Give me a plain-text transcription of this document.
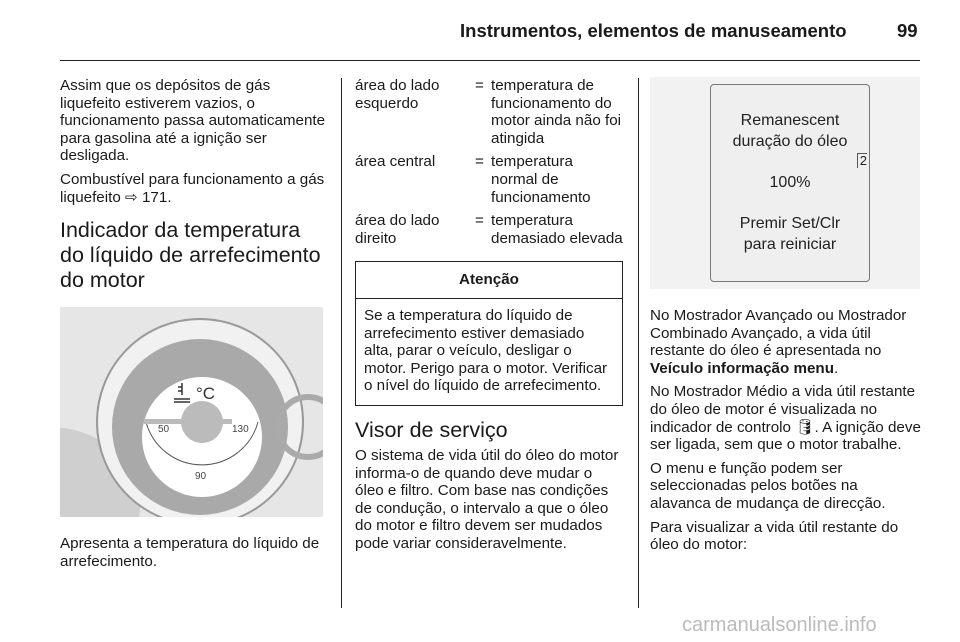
Instrumentos, elementos de manuseamento	99

Assim que os depósitos de gás liquefeito estiverem vazios, o funcionamento passa automaticamente para gasolina até a ignição ser desligada.

Combustível para funcionamento a gás liquefeito ⇨ 171.

Indicador da temperatura do líquido de arrefecimento do motor
°C
50
90
130

Apresenta a temperatura do líquido de arrefecimento.

área do lado esquerdo	=	temperatura de funcionamento do motor ainda não foi atingida
área central	=	temperatura normal de funcionamento
área do lado direito	=	temperatura demasiado elevada
Atenção
Se a temperatura do líquido de arrefecimento estiver demasiado alta, parar o veículo, desligar o motor. Perigo para o motor. Verificar o nível do líquido de arrefecimento.
Visor de serviço

O sistema de vida útil do óleo do motor informa-o de quando deve mudar o óleo e filtro. Com base nas condições de condução, o intervalo a que o óleo do motor e filtro devem ser mudados pode variar consideravelmente.

Remanescent
duração do óleo
2
100%
Premir Set/Clr
para reiniciar

No Mostrador Avançado ou Mostrador Combinado Avançado, a vida útil restante do óleo é apresentada no Veículo informação menu.

No Mostrador Médio a vida útil restante do óleo de motor é visualizada no indicador de controlo 🛢. A ignição deve ser ligada, sem que o motor trabalhe.

O menu e função podem ser seleccionadas pelos botões na alavanca de mudança de direcção.

Para visualizar a vida útil restante do óleo do motor:

carmanualsonline.info
